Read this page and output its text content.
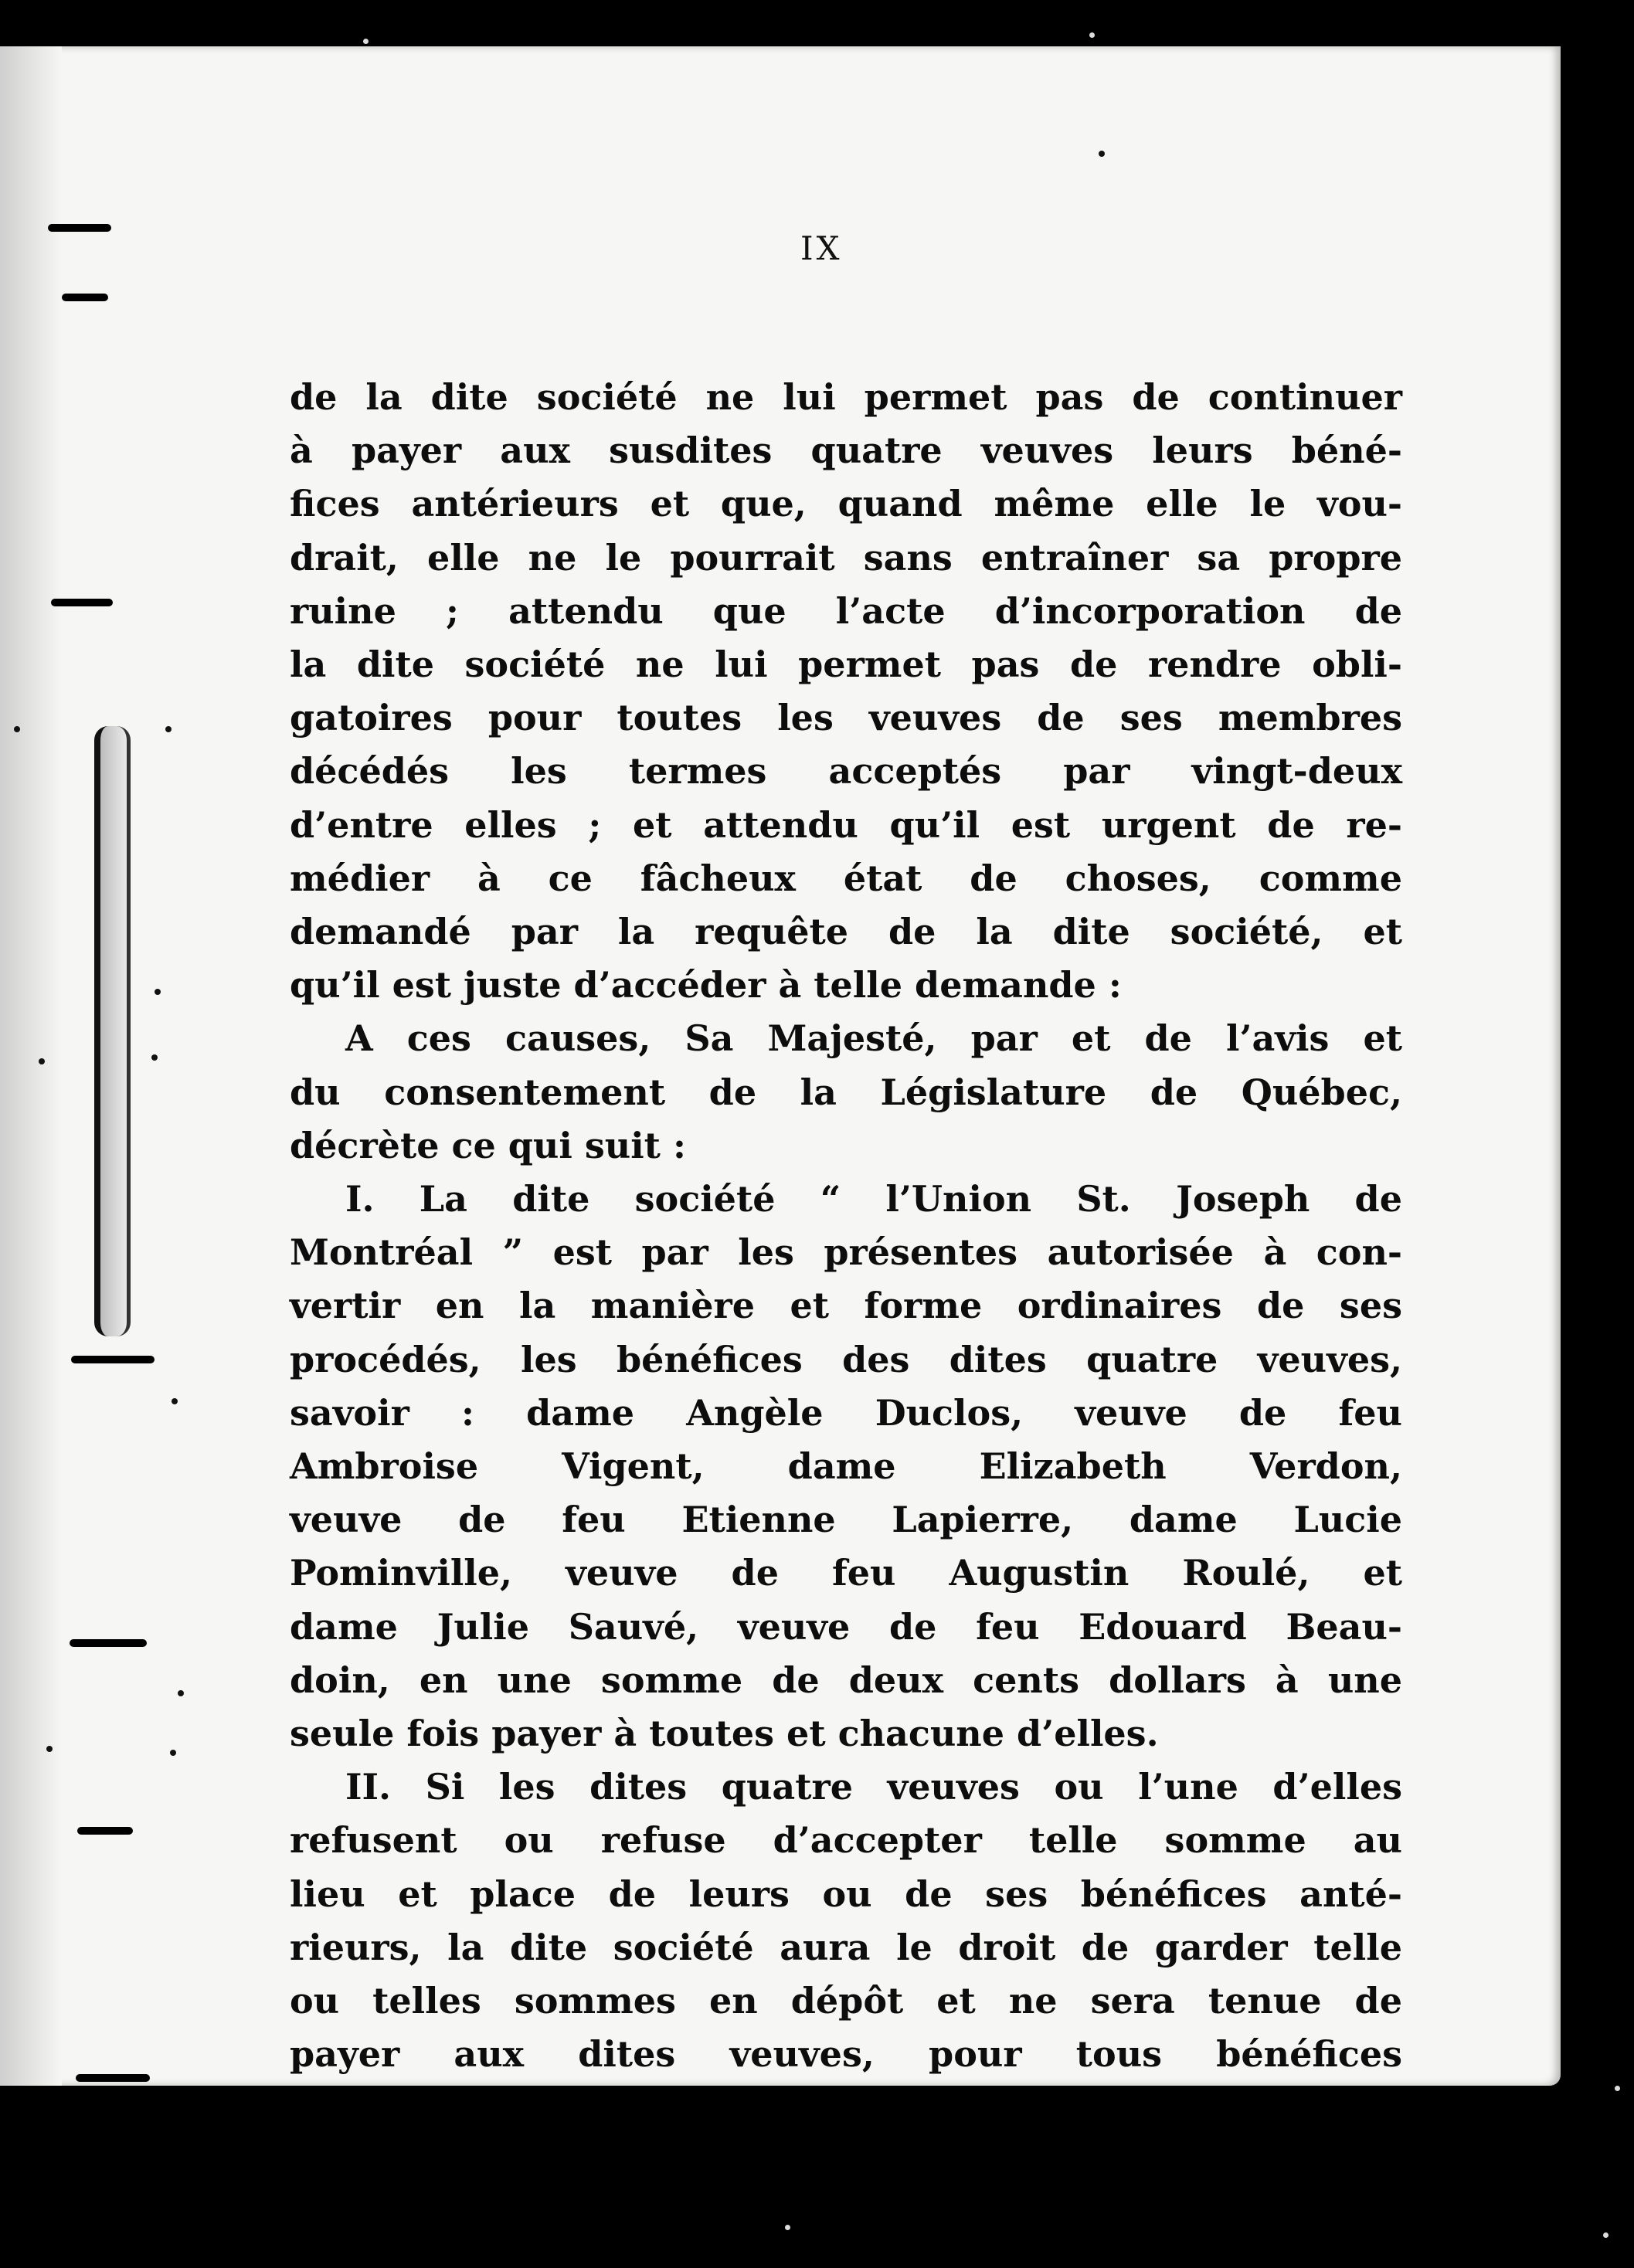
IX
de la dite société ne lui permet pas de continuer
à payer aux susdites quatre veuves leurs béné-
fices antérieurs et que, quand même elle le vou-
drait, elle ne le pourrait sans entraîner sa propre
ruine ; attendu que l’acte d’incorporation de
la dite société ne lui permet pas de rendre obli-
gatoires pour toutes les veuves de ses membres
décédés les termes acceptés par vingt-deux
d’entre elles ; et attendu qu’il est urgent de re-
médier à ce fâcheux état de choses, comme
demandé par la requête de la dite société, et
qu’il est juste d’accéder à telle demande :
A ces causes, Sa Majesté, par et de l’avis et
du consentement de la Législature de Québec,
décrète ce qui suit :
I. La dite société “ l’Union St. Joseph de
Montréal ” est par les présentes autorisée à con-
vertir en la manière et forme ordinaires de ses
procédés, les bénéfices des dites quatre veuves,
savoir : dame Angèle Duclos, veuve de feu
Ambroise Vigent, dame Elizabeth Verdon,
veuve de feu Etienne Lapierre, dame Lucie
Pominville, veuve de feu Augustin Roulé, et
dame Julie Sauvé, veuve de feu Edouard Beau-
doin, en une somme de deux cents dollars à une
seule fois payer à toutes et chacune d’elles.
II. Si les dites quatre veuves ou l’une d’elles
refusent ou refuse d’accepter telle somme au
lieu et place de leurs ou de ses bénéfices anté-
rieurs, la dite société aura le droit de garder telle
ou telles sommes en dépôt et ne sera tenue de
payer aux dites veuves, pour tous bénéfices
